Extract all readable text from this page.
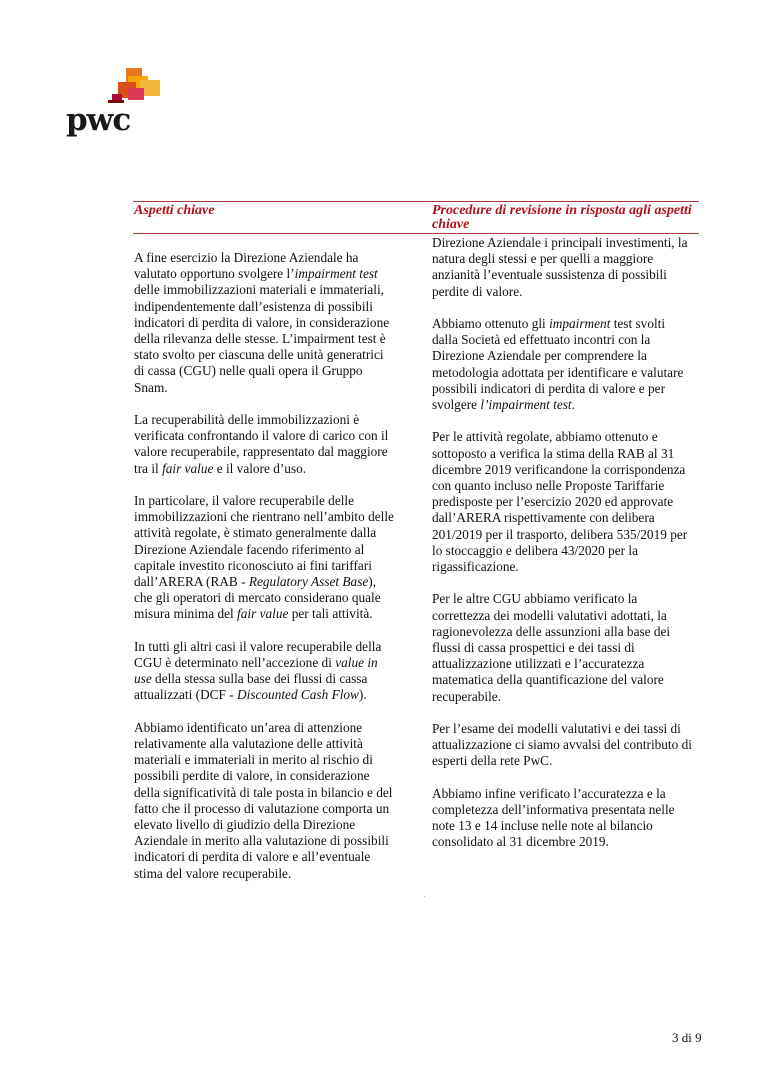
pwc
Aspetti chiave	Procedure di revisione in risposta agli aspetti chiave

A fine esercizio la Direzione Aziendale ha valutato opportuno svolgere l’impairment test delle immobilizzazioni materiali e immateriali, indipendentemente dall’esistenza di possibili indicatori di perdita di valore, in considerazione della rilevanza delle stesse. L’impairment test è stato svolto per ciascuna delle unità generatrici di cassa (CGU) nelle quali opera il Gruppo Snam.

La recuperabilità delle immobilizzazioni è verificata confrontando il valore di carico con il valore recuperabile, rappresentato dal maggiore tra il fair value e il valore d’uso.

In particolare, il valore recuperabile delle immobilizzazioni che rientrano nell’ambito delle attività regolate, è stimato generalmente dalla Direzione Aziendale facendo riferimento al capitale investito riconosciuto ai fini tariffari dall’ARERA (RAB - Regulatory Asset Base), che gli operatori di mercato considerano quale misura minima del fair value per tali attività.

In tutti gli altri casi il valore recuperabile della CGU è determinato nell’accezione di value in use della stessa sulla base dei flussi di cassa attualizzati (DCF - Discounted Cash Flow).

Abbiamo identificato un’area di attenzione relativamente alla valutazione delle attività materiali e immateriali in merito al rischio di possibili perdite di valore, in considerazione della significatività di tale posta in bilancio e del fatto che il processo di valutazione comporta un elevato livello di giudizio della Direzione Aziendale in merito alla valutazione di possibili indicatori di perdita di valore e all’eventuale stima del valore recuperabile.

Direzione Aziendale i principali investimenti, la natura degli stessi e per quelli a maggiore anzianità l’eventuale sussistenza di possibili perdite di valore.

Abbiamo ottenuto gli impairment test svolti dalla Società ed effettuato incontri con la Direzione Aziendale per comprendere la metodologia adottata per identificare e valutare possibili indicatori di perdita di valore e per svolgere l’impairment test.

Per le attività regolate, abbiamo ottenuto e sottoposto a verifica la stima della RAB al 31 dicembre 2019 verificandone la corrispondenza con quanto incluso nelle Proposte Tariffarie predisposte per l’esercizio 2020 ed approvate dall’ARERA rispettivamente con delibera 201/2019 per il trasporto, delibera 535/2019 per lo stoccaggio e delibera 43/2020 per la rigassificazione.

Per le altre CGU abbiamo verificato la correttezza dei modelli valutativi adottati, la ragionevolezza delle assunzioni alla base dei flussi di cassa prospettici e dei tassi di attualizzazione utilizzati e l’accuratezza matematica della quantificazione del valore recuperabile.

Per l’esame dei modelli valutativi e dei tassi di attualizzazione ci siamo avvalsi del contributo di esperti della rete PwC.

Abbiamo infine verificato l’accuratezza e la completezza dell’informativa presentata nelle note 13 e 14 incluse nelle note al bilancio consolidato al 31 dicembre 2019.

3 di 9
